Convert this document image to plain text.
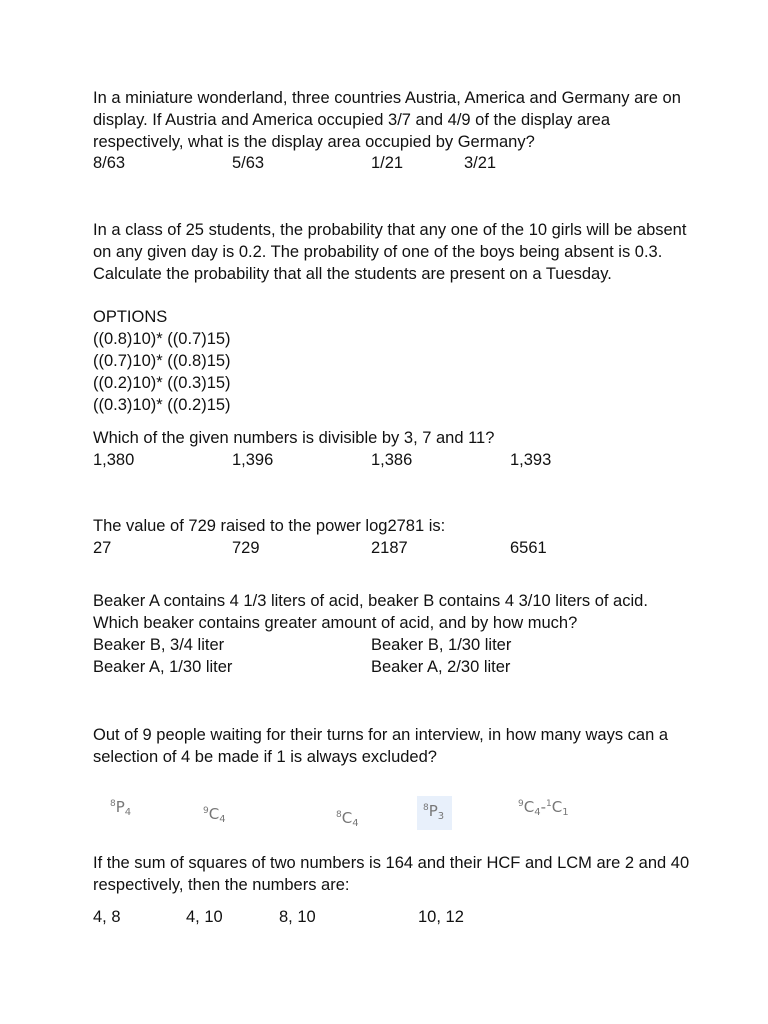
In a miniature wonderland, three countries Austria, America and Germany are on display. If Austria and America occupied 3/7 and 4/9 of the display area respectively, what is the display area occupied by Germany?

8/63	5/63	1/21	3/21

In a class of 25 students, the probability that any one of the 10 girls will be absent on any given day is 0.2. The probability of one of the boys being absent is 0.3. Calculate the probability that all the students are present on a Tuesday.

OPTIONS
((0.8)10)* ((0.7)15)
((0.7)10)* ((0.8)15)
((0.2)10)* ((0.3)15)
((0.3)10)* ((0.2)15)

Which of the given numbers is divisible by 3, 7 and 11?

1,380	1,396	1,386	1,393

The value of 729 raised to the power log2781 is:

27	729	2187	6561

Beaker A contains 4 1/3 liters of acid, beaker B contains 4 3/10 liters of acid. Which beaker contains greater amount of acid, and by how much?

Beaker B, 3/4 liter	Beaker B, 1/30 liter
Beaker A, 1/30 liter	Beaker A, 2/30 liter

Out of 9 people waiting for their turns for an interview, in how many ways can a selection of 4 be made if 1 is always excluded?

$^8P_4$	$^9C_4$	$^8C_4$
$^8P_3$
$^9C_4-^1C_1$

If the sum of squares of two numbers is 164 and their HCF and LCM are 2 and 40 respectively, then the numbers are:

4, 8	4, 10	8, 10	10, 12
